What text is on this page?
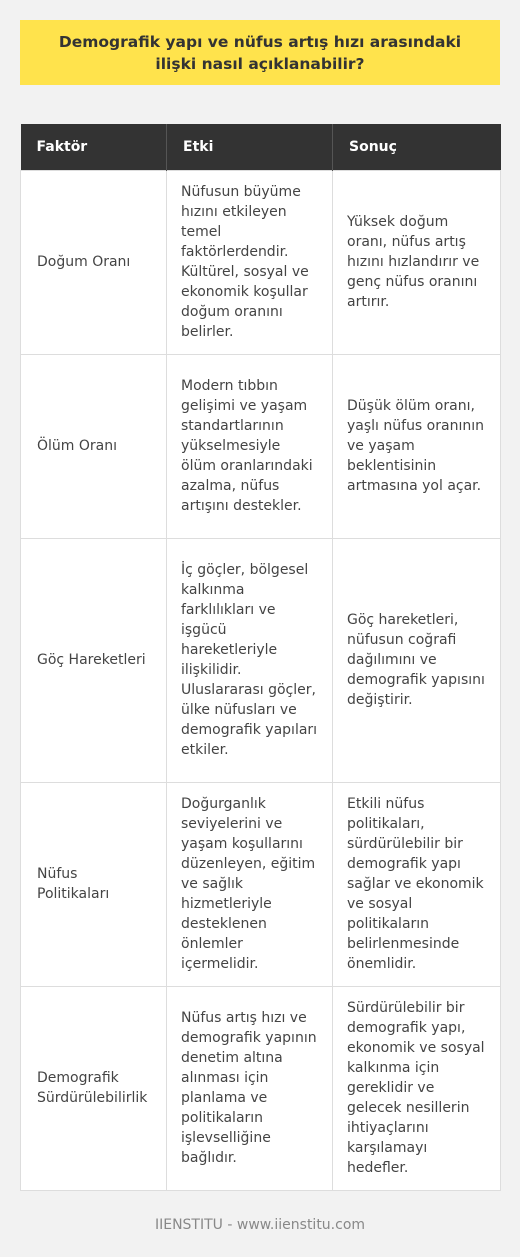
Demografik yapı ve nüfus artış hızı arasındaki ilişki nasıl açıklanabilir?
Faktör	Etki	Sonuç
Doğum Oranı	Nüfusun büyüme hızını etkileyen temel faktörlerdendir. Kültürel, sosyal ve ekonomik koşullar doğum oranını belirler.	Yüksek doğum oranı, nüfus artış hızını hızlandırır ve genç nüfus oranını artırır.
Ölüm Oranı	Modern tıbbın gelişimi ve yaşam standartlarının yükselmesiyle ölüm oranlarındaki azalma, nüfus artışını destekler.	Düşük ölüm oranı, yaşlı nüfus oranının ve yaşam beklentisinin artmasına yol açar.
Göç Hareketleri	İç göçler, bölgesel kalkınma farklılıkları ve işgücü hareketleriyle ilişkilidir. Uluslararası göçler, ülke nüfusları ve demografik yapıları etkiler.	Göç hareketleri, nüfusun coğrafi dağılımını ve demografik yapısını değiştirir.
Nüfus Politikaları	Doğurganlık seviyelerini ve yaşam koşullarını düzenleyen, eğitim ve sağlık hizmetleriyle desteklenen önlemler içermelidir.	Etkili nüfus politikaları, sürdürülebilir bir demografik yapı sağlar ve ekonomik ve sosyal politikaların belirlenmesinde önemlidir.
Demografik Sürdürülebilirlik	Nüfus artış hızı ve demografik yapının denetim altına alınması için planlama ve politikaların işlevselliğine bağlıdır.	Sürdürülebilir bir demografik yapı, ekonomik ve sosyal kalkınma için gereklidir ve gelecek nesillerin ihtiyaçlarını karşılamayı hedefler.
IIENSTITU - www.iienstitu.com
